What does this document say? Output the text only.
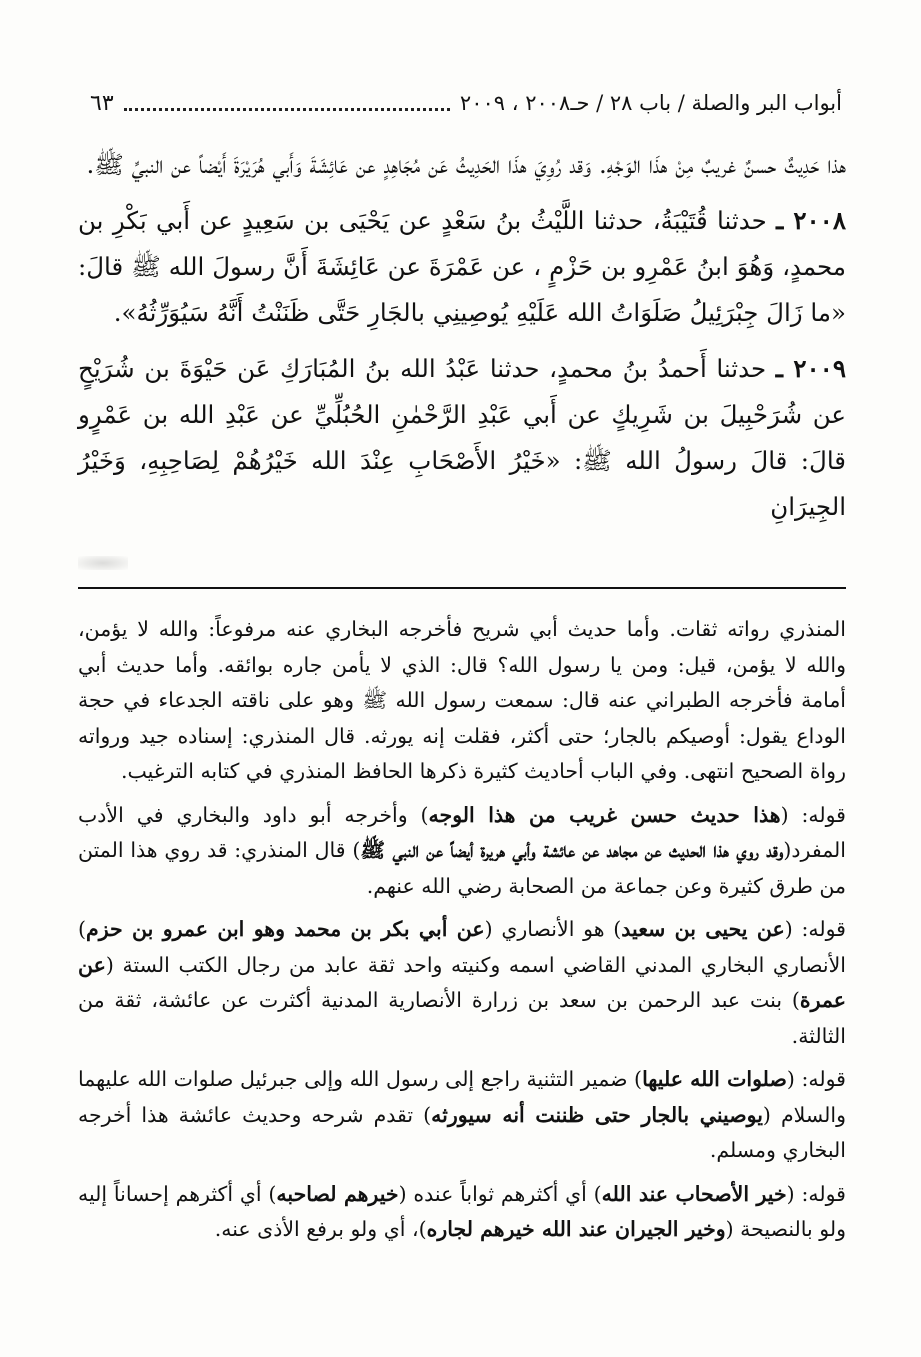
أبواب البر والصلة / باب ٢٨ / حـ٢٠٠٨ ، ٢٠٠٩
٦٣

هذا حَدِيثٌ حسنٌ غريبٌ مِنْ هذَا الوَجْهِ. وَقد رُوِيَ هذَا الحَدِيثُ عَن مُجَاهِدٍ عن عَائِشَةَ وَأَبي هُرَيْرَةَ أَيْضاً عن النبيِّ ﷺ.

٢٠٠٨ ـ حدثنا قُتَيْبَةُ، حدثنا اللَّيْثُ بنُ سَعْدٍ عن يَحْيَى بن سَعِيدٍ عن أَبي بَكْرِ بن محمدٍ، وَهُوَ ابنُ عَمْرِو بن حَزْمٍ ، عن عَمْرَةَ عن عَائِشَةَ أَنَّ رسولَ الله ﷺ قالَ: «ما زَالَ جِبْرَئِيلُ صَلَوَاتُ الله عَلَيْهِ يُوصِينِي بالجَارِ حَتَّى ظَنَنْتُ أَنَّهُ سَيُوَرِّثُهُ».

٢٠٠٩ ـ حدثنا أَحمدُ بنُ محمدٍ، حدثنا عَبْدُ الله بنُ المُبَارَكِ عَن حَيْوَةَ بن شُرَيْحٍ عن شُرَحْبِيلَ بن شَرِيكٍ عن أَبي عَبْدِ الرَّحْمٰنِ الحُبُلِّيِّ عن عَبْدِ الله بن عَمْرٍو قالَ: قالَ رسولُ الله ﷺ: «خَيْرُ الأَصْحَابِ عِنْدَ الله خَيْرُهُمْ لِصَاحِبِهِ، وَخَيْرُ الجِيرَانِ

المنذري رواته ثقات. وأما حديث أبي شريح فأخرجه البخاري عنه مرفوعاً: والله لا يؤمن، والله لا يؤمن، قيل: ومن يا رسول الله؟ قال: الذي لا يأمن جاره بوائقه. وأما حديث أبي أمامة فأخرجه الطبراني عنه قال: سمعت رسول الله ﷺ وهو على ناقته الجدعاء في حجة الوداع يقول: أوصيكم بالجار؛ حتى أكثر، فقلت إنه يورثه. قال المنذري: إسناده جيد ورواته رواة الصحيح انتهى. وفي الباب أحاديث كثيرة ذكرها الحافظ المنذري في كتابه الترغيب.

قوله: (هذا حديث حسن غريب من هذا الوجه) وأخرجه أبو داود والبخاري في الأدب المفرد(وقد روي هذا الحديث عن مجاهد عن عائشة وأبي هريرة أيضاً عن النبي ﷺ) قال المنذري: قد روي هذا المتن من طرق كثيرة وعن جماعة من الصحابة رضي الله عنهم.

قوله: (عن يحيى بن سعيد) هو الأنصاري (عن أبي بكر بن محمد وهو ابن عمرو بن حزم) الأنصاري البخاري المدني القاضي اسمه وكنيته واحد ثقة عابد من رجال الكتب الستة (عن عمرة) بنت عبد الرحمن بن سعد بن زرارة الأنصارية المدنية أكثرت عن عائشة، ثقة من الثالثة.

قوله: (صلوات الله عليها) ضمير التثنية راجع إلى رسول الله وإلى جبرئيل صلوات الله عليهما والسلام (يوصيني بالجار حتى ظننت أنه سيورثه) تقدم شرحه وحديث عائشة هذا أخرجه البخاري ومسلم.

قوله: (خير الأصحاب عند الله) أي أكثرهم ثواباً عنده (خيرهم لصاحبه) أي أكثرهم إحساناً إليه ولو بالنصيحة (وخير الجيران عند الله خيرهم لجاره)، أي ولو برفع الأذى عنه.
